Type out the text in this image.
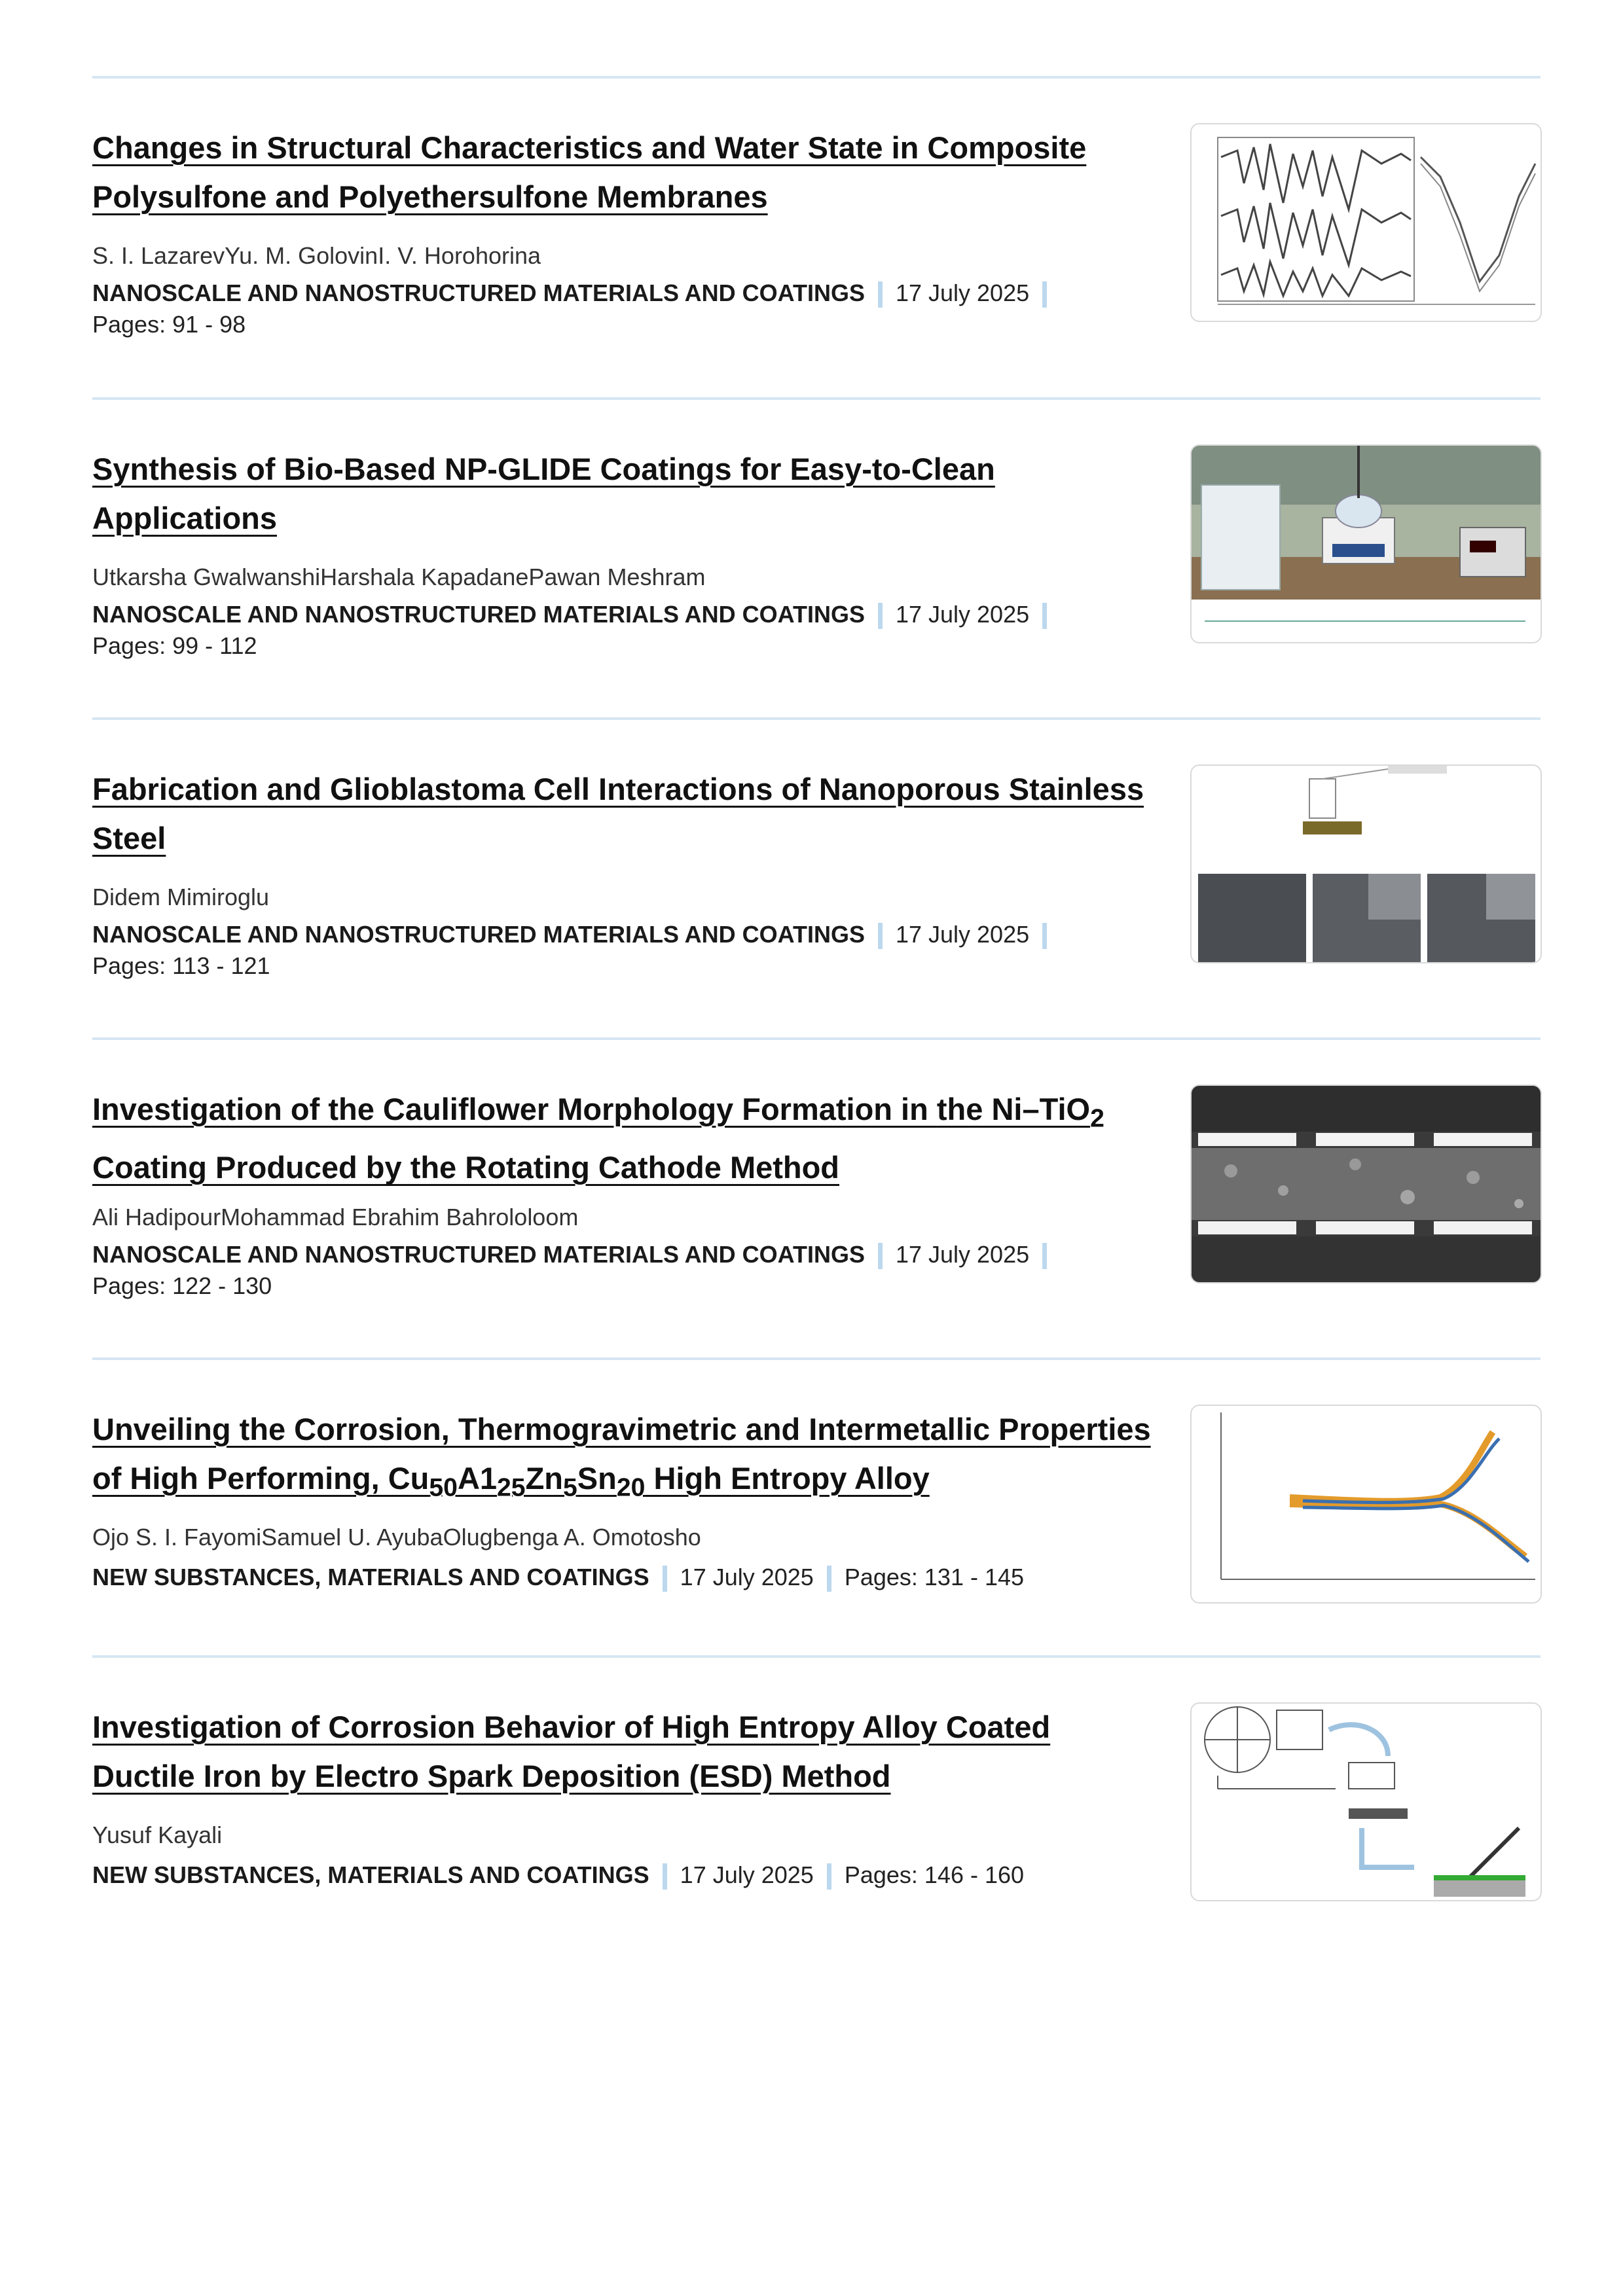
Changes in Structural Characteristics and Water State in Composite Polysulfone and Polyethersulfone Membranes
S. I. LazarevYu. M. GolovinI. V. Horohorina
NANOSCALE AND NANOSTRUCTURED MATERIALS AND COATINGS 17 July 2025
Pages: 91 - 98
Synthesis of Bio-Based NP-GLIDE Coatings for Easy-to-Clean Applications
Utkarsha GwalwanshiHarshala KapadanePawan Meshram
NANOSCALE AND NANOSTRUCTURED MATERIALS AND COATINGS 17 July 2025
Pages: 99 - 112
Fabrication and Glioblastoma Cell Interactions of Nanoporous Stainless Steel
Didem Mimiroglu
NANOSCALE AND NANOSTRUCTURED MATERIALS AND COATINGS 17 July 2025
Pages: 113 - 121
Investigation of the Cauliflower Morphology Formation in the Ni–TiO$_2$ Coating Produced by the Rotating Cathode Method
Ali HadipourMohammad Ebrahim Bahrololoom
NANOSCALE AND NANOSTRUCTURED MATERIALS AND COATINGS 17 July 2025
Pages: 122 - 130
Unveiling the Corrosion, Thermogravimetric and Intermetallic Properties of High Performing, $Cu_{50}A1_{25}Zn_5Sn_{20}$ High Entropy Alloy
Ojo S. I. FayomiSamuel U. AyubaOlugbenga A. Omotosho
NEW SUBSTANCES, MATERIALS AND COATINGS 17 July 2025 Pages: 131 - 145
Investigation of Corrosion Behavior of High Entropy Alloy Coated Ductile Iron by Electro Spark Deposition (ESD) Method
Yusuf Kayali
NEW SUBSTANCES, MATERIALS AND COATINGS 17 July 2025 Pages: 146 - 160
